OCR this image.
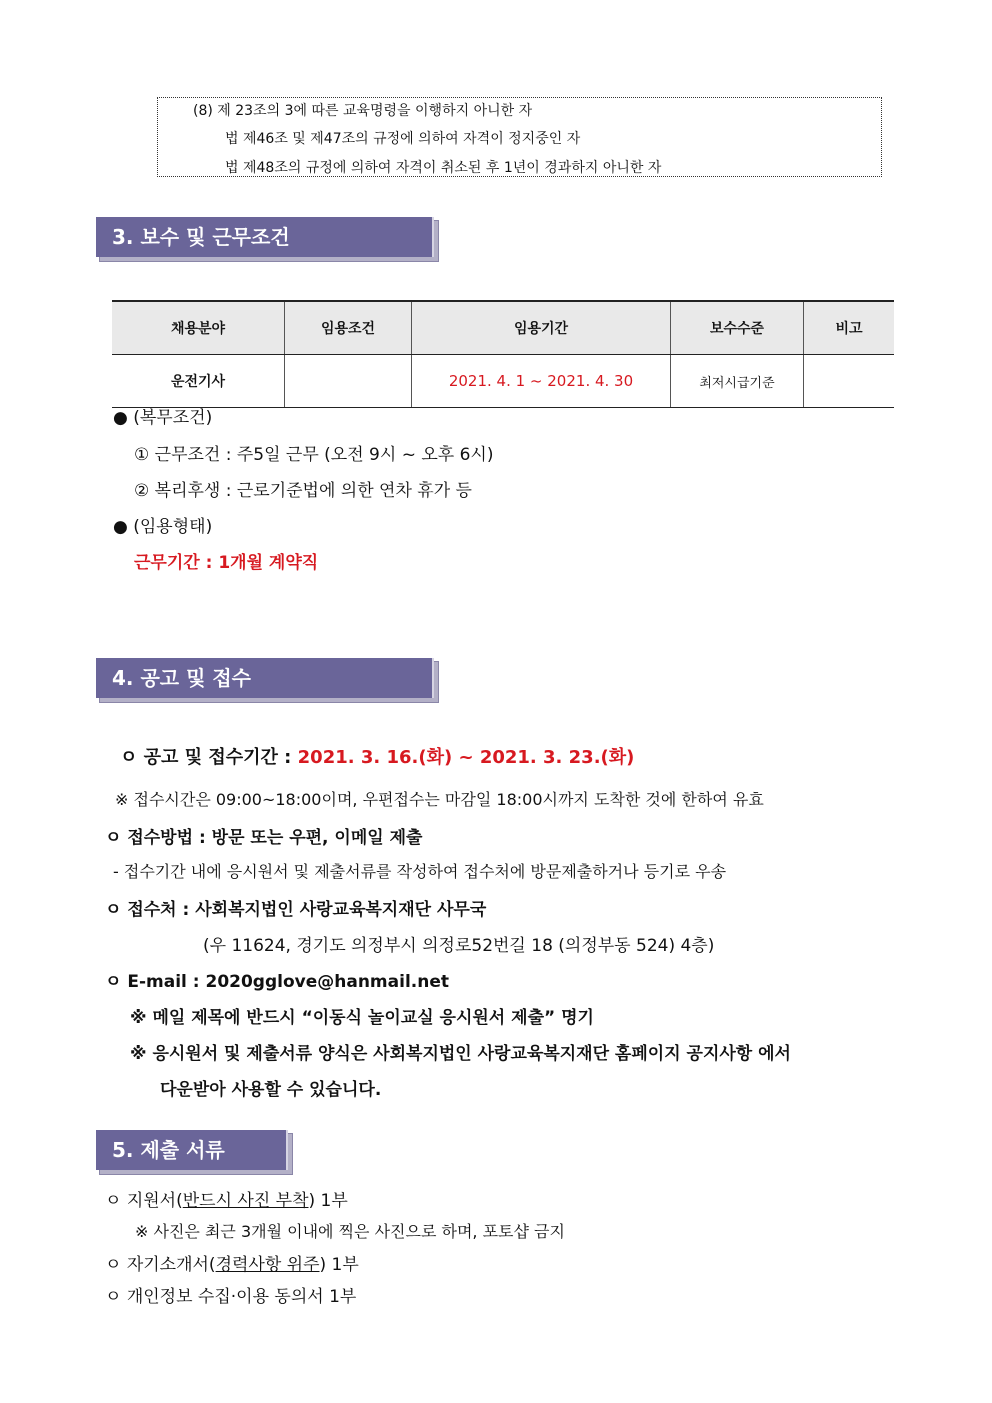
(8) 제 23조의 3에 따른 교육명령을 이행하지 아니한 자
법 제46조 및 제47조의 규정에 의하여 자격이 정지중인 자
법 제48조의 규정에 의하여 자격이 취소된 후 1년이 경과하지 아니한 자
3. 보수 및 근무조건
채용분야	임용조건	임용기간	보수수준	비고
운전기사		2021. 4. 1 ~ 2021. 4. 30	최저시급기준	
● (복무조건)
① 근무조건 : 주5일 근무 (오전 9시 ~ 오후 6시)
② 복리후생 : 근로기준법에 의한 연차 휴가 등
● (임용형태)
근무기간 : 1개월 계약직
4. 공고 및 접수
ㅇ 공고 및 접수기간 : 2021. 3. 16.(화) ~ 2021. 3. 23.(화)
※ 접수시간은 09:00~18:00이며, 우편접수는 마감일 18:00시까지 도착한 것에 한하여 유효
ㅇ 접수방법 : 방문 또는 우편, 이메일 제출
- 접수기간 내에 응시원서 및 제출서류를 작성하여 접수처에 방문제출하거나 등기로 우송
ㅇ 접수처 : 사회복지법인 사랑교육복지재단 사무국
(우 11624, 경기도 의정부시 의정로52번길 18 (의정부동 524) 4층)
ㅇ E-mail : 2020gglove@hanmail.net
※ 메일 제목에 반드시 “이동식 놀이교실 응시원서 제출” 명기
※ 응시원서 및 제출서류 양식은 사회복지법인 사랑교육복지재단 홈페이지 공지사항 에서
다운받아 사용할 수 있습니다.
5. 제출 서류
ㅇ 지원서(반드시 사진 부착) 1부
※ 사진은 최근 3개월 이내에 찍은 사진으로 하며, 포토샵 금지
ㅇ 자기소개서(경력사항 위주) 1부
ㅇ 개인정보 수집·이용 동의서 1부
